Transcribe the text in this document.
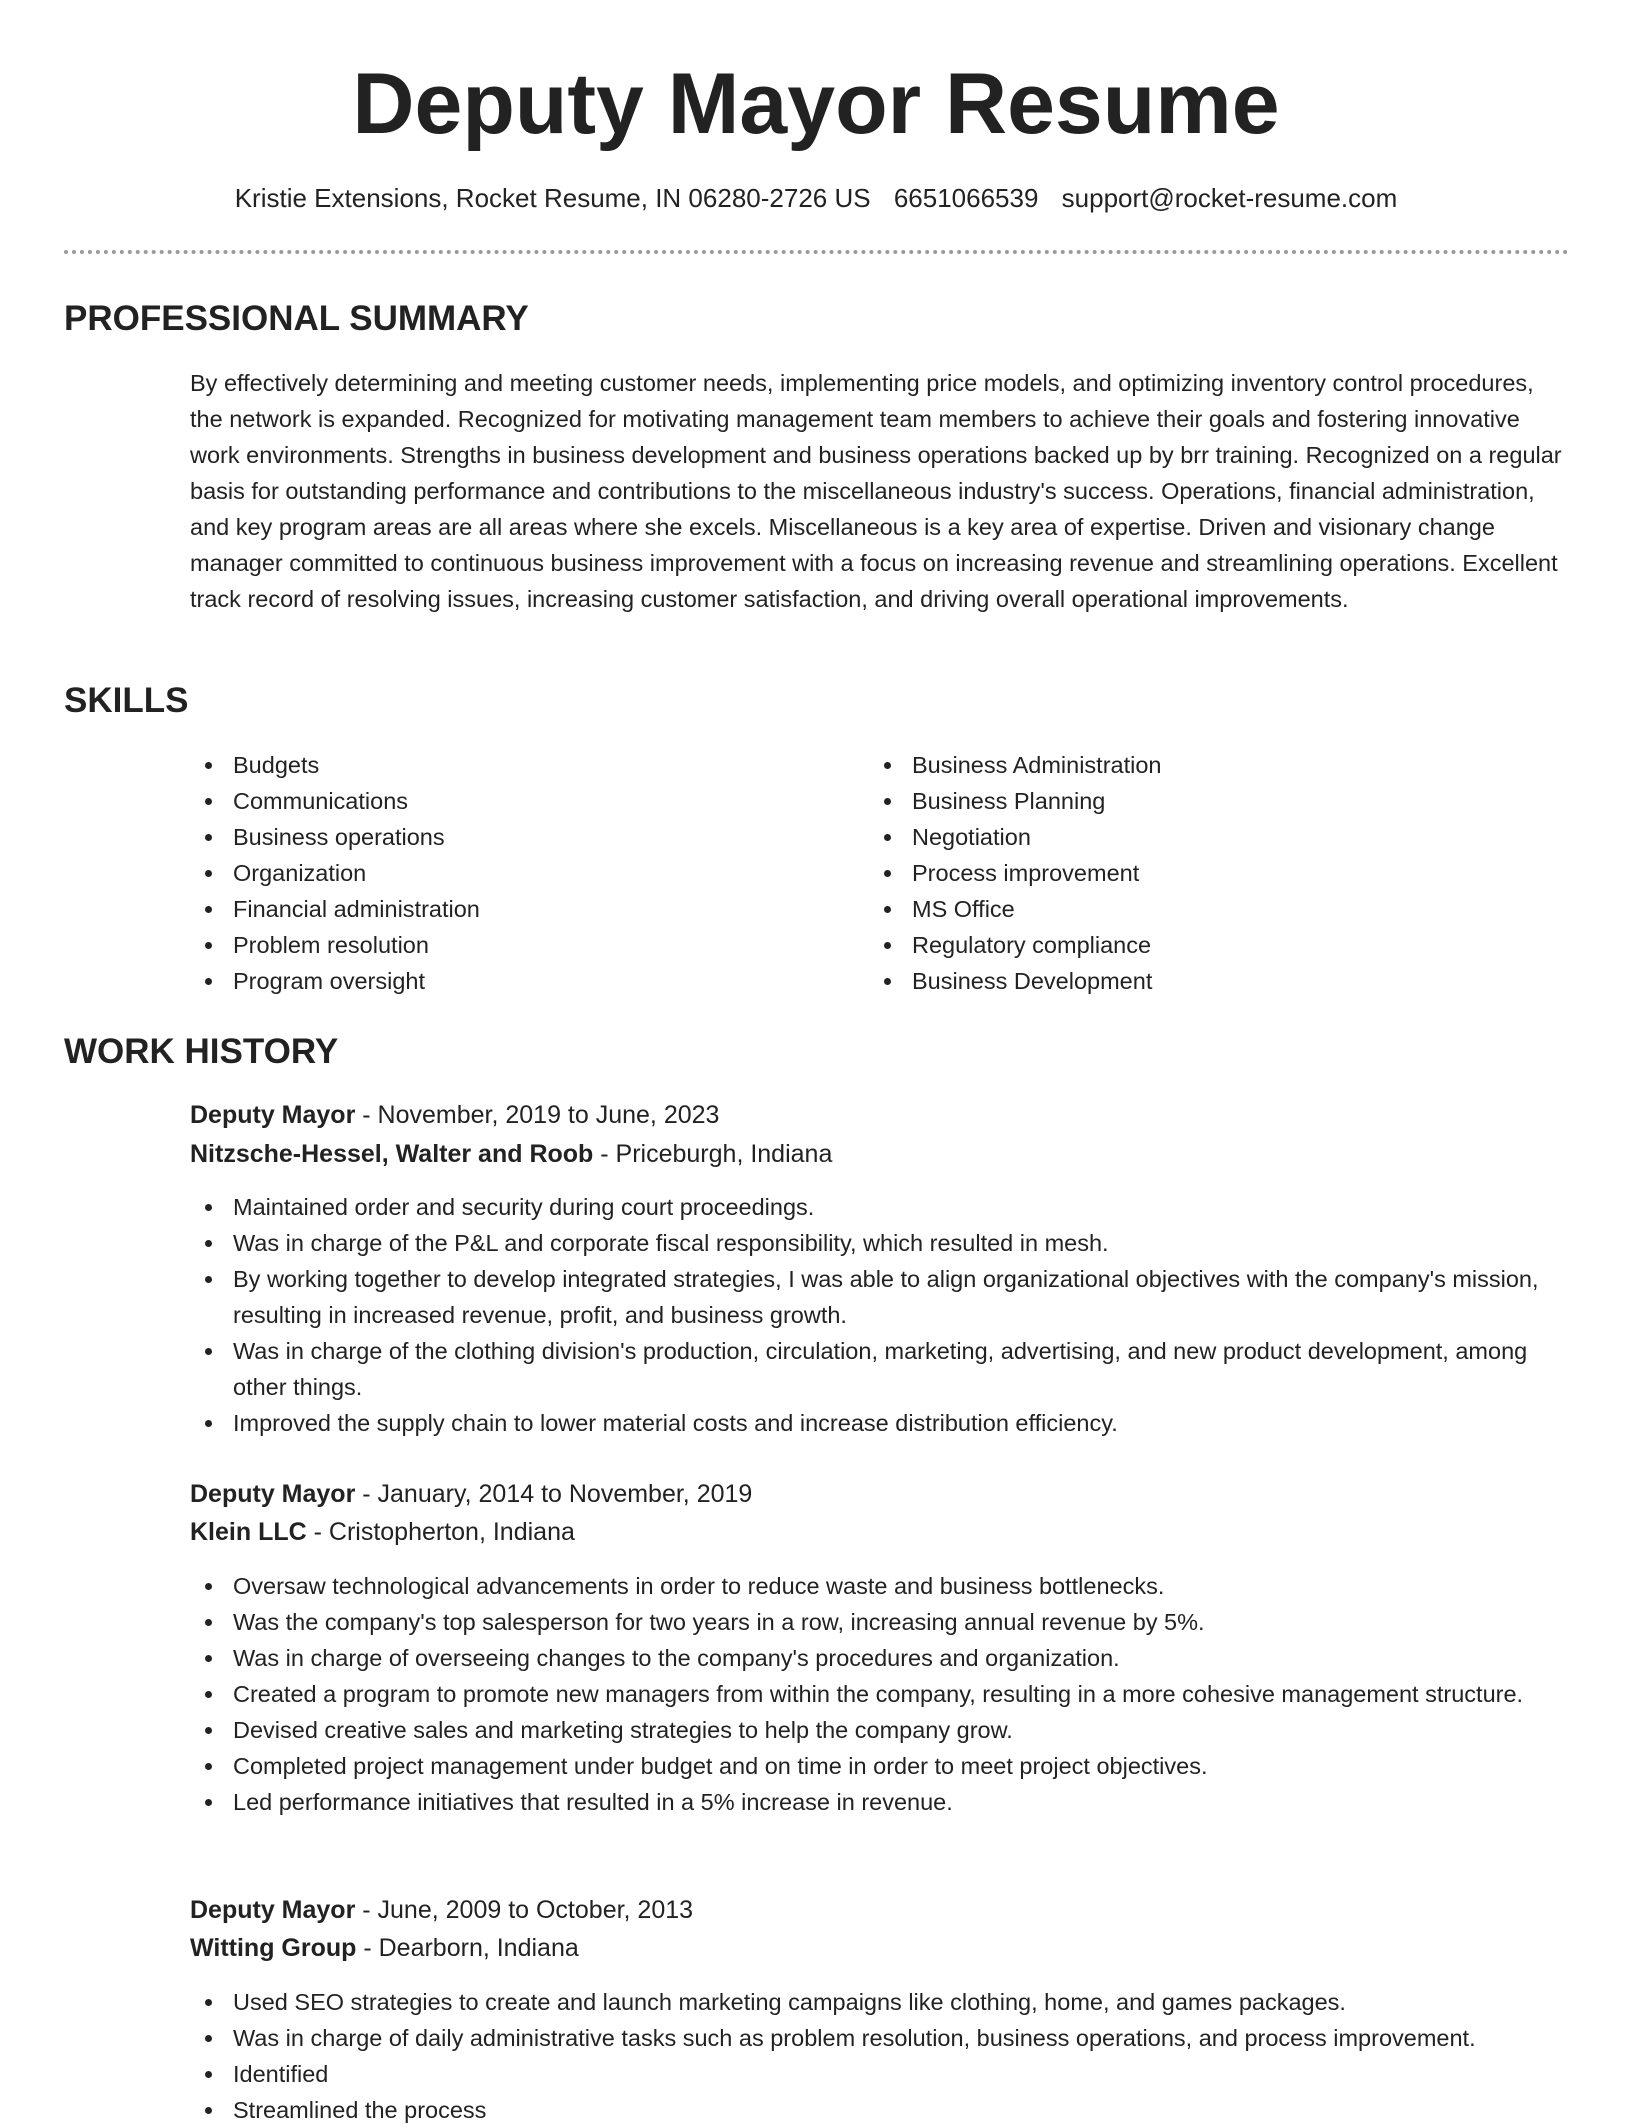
Deputy Mayor Resume
Kristie Extensions, Rocket Resume, IN 06280-2726 US 6651066539 support@rocket-resume.com
PROFESSIONAL SUMMARY

By effectively determining and meeting customer needs, implementing price models, and optimizing inventory control procedures, the network is expanded. Recognized for motivating management team members to achieve their goals and fostering innovative work environments. Strengths in business development and business operations backed up by brr training. Recognized on a regular basis for outstanding performance and contributions to the miscellaneous industry's success. Operations, financial administration, and key program areas are all areas where she excels. Miscellaneous is a key area of expertise. Driven and visionary change manager committed to continuous business improvement with a focus on increasing revenue and streamlining operations. Excellent track record of resolving issues, increasing customer satisfaction, and driving overall operational improvements.

SKILLS
Budgets
Communications
Business operations
Organization
Financial administration
Problem resolution
Program oversight
Business Administration
Business Planning
Negotiation
Process improvement
MS Office
Regulatory compliance
Business Development
WORK HISTORY
Deputy Mayor - November, 2019 to June, 2023
Nitzsche-Hessel, Walter and Roob - Priceburgh, Indiana
Maintained order and security during court proceedings.
Was in charge of the P&L and corporate fiscal responsibility, which resulted in mesh.
By working together to develop integrated strategies, I was able to align organizational objectives with the company's mission, resulting in increased revenue, profit, and business growth.
Was in charge of the clothing division's production, circulation, marketing, advertising, and new product development, among other things.
Improved the supply chain to lower material costs and increase distribution efficiency.
Deputy Mayor - January, 2014 to November, 2019
Klein LLC - Cristopherton, Indiana
Oversaw technological advancements in order to reduce waste and business bottlenecks.
Was the company's top salesperson for two years in a row, increasing annual revenue by 5%.
Was in charge of overseeing changes to the company's procedures and organization.
Created a program to promote new managers from within the company, resulting in a more cohesive management structure.
Devised creative sales and marketing strategies to help the company grow.
Completed project management under budget and on time in order to meet project objectives.
Led performance initiatives that resulted in a 5% increase in revenue.
Deputy Mayor - June, 2009 to October, 2013
Witting Group - Dearborn, Indiana
Used SEO strategies to create and launch marketing campaigns like clothing, home, and games packages.
Was in charge of daily administrative tasks such as problem resolution, business operations, and process improvement.
Identified
Streamlined the process
